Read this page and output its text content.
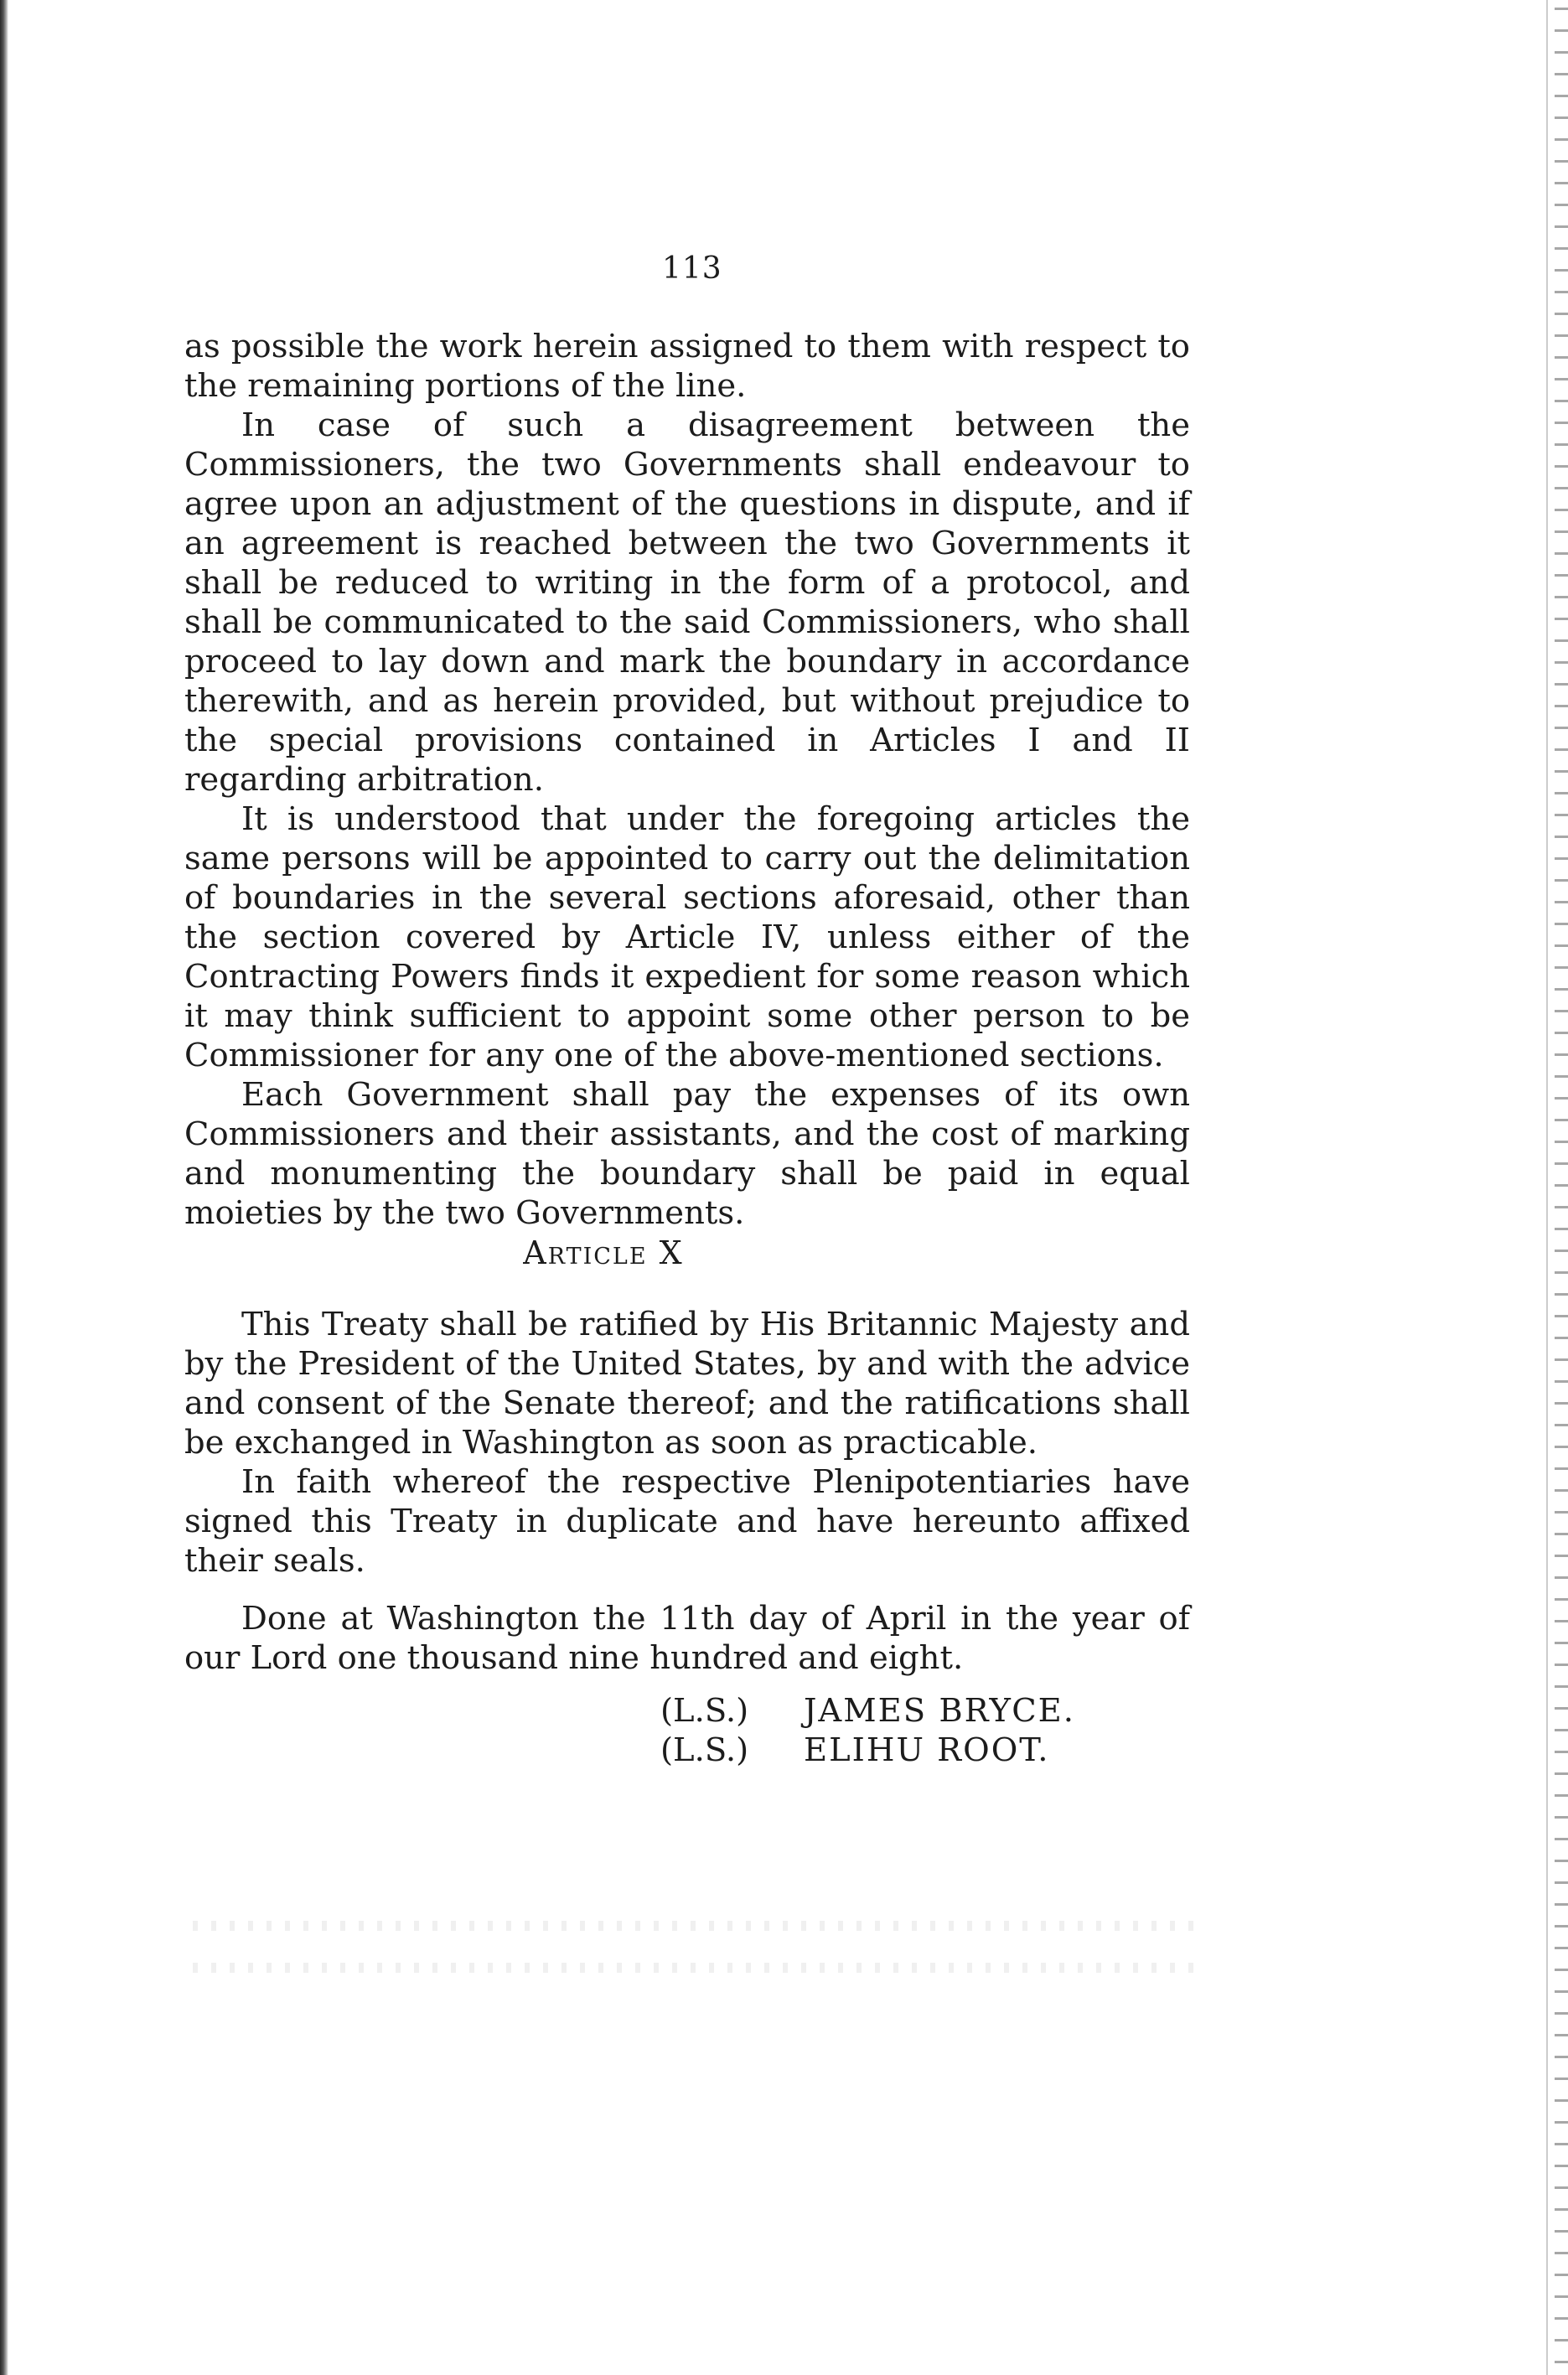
113

as possible the work herein assigned to them with respect to the remaining portions of the line.

In case of such a disagreement between the Commissioners, the two Governments shall endeavour to agree upon an adjustment of the questions in dispute, and if an agreement is reached between the two Governments it shall be reduced to writing in the form of a protocol, and shall be communicated to the said Commissioners, who shall proceed to lay down and mark the boundary in accordance therewith, and as herein provided, but without prejudice to the special provisions contained in Articles I and II regarding arbitration.

It is understood that under the foregoing articles the same persons will be appointed to carry out the delimitation of boundaries in the several sections aforesaid, other than the section covered by Article IV, unless either of the Contracting Powers finds it expedient for some reason which it may think sufficient to appoint some other person to be Commissioner for any one of the above-mentioned sections.

Each Government shall pay the expenses of its own Commissioners and their assistants, and the cost of marking and monumenting the boundary shall be paid in equal moieties by the two Governments.

Article X

This Treaty shall be ratified by His Britannic Majesty and by the President of the United States, by and with the advice and consent of the Senate thereof; and the ratifications shall be exchanged in Washington as soon as practicable.

In faith whereof the respective Plenipotentiaries have signed this Treaty in duplicate and have hereunto affixed their seals.

Done at Washington the 11th day of April in the year of our Lord one thousand nine hundred and eight.

(L.S.)	JAMES BRYCE.
(L.S.)	ELIHU ROOT.
